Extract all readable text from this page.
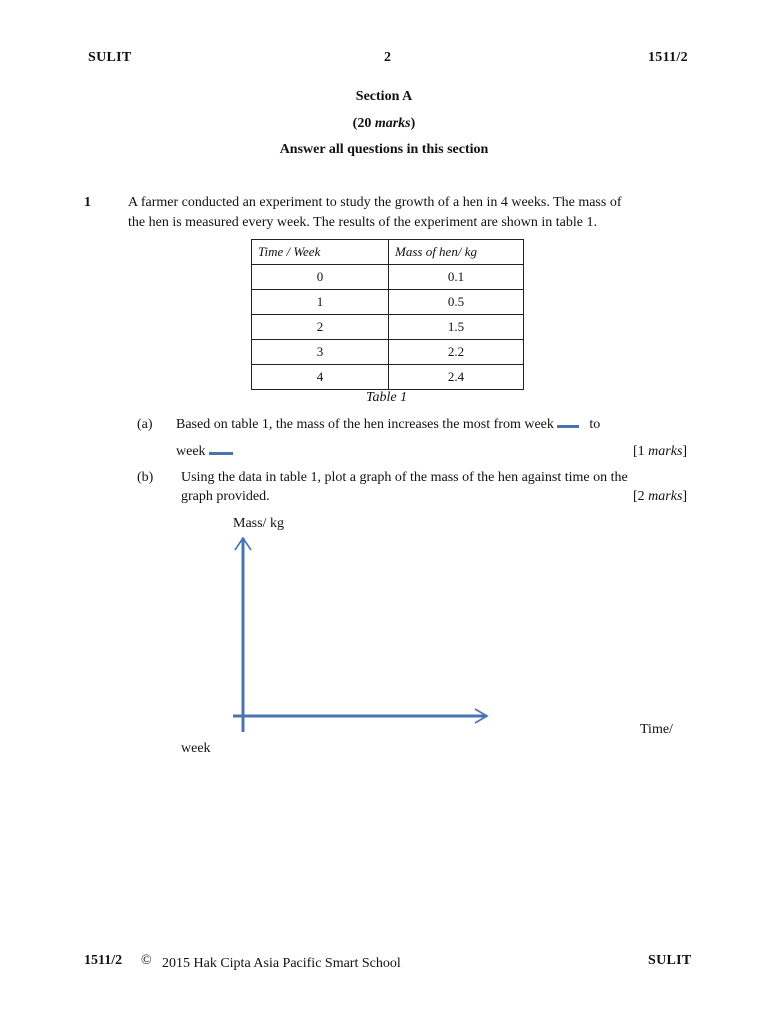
SULIT	2	1511/2
Section A
(20 marks)
Answer all questions in this section
1	A farmer conducted an experiment to study the growth of a hen in 4 weeks. The mass of
the hen is measured every week. The results of the experiment are shown in table 1.
Time / Week	Mass of hen/ kg
0	0.1
1	0.5
2	1.5
3	2.2
4	2.4
Table 1
(a) Based on table 1, the mass of the hen increases the most from week	to
week	[1 marks]
(b) Using the data in table 1, plot a graph of the mass of the hen against time on the
graph provided.	[2 marks]
Mass/ kg
Time/
week
1511/2 © 2015 Hak Cipta Asia Pacific Smart School	SULIT
